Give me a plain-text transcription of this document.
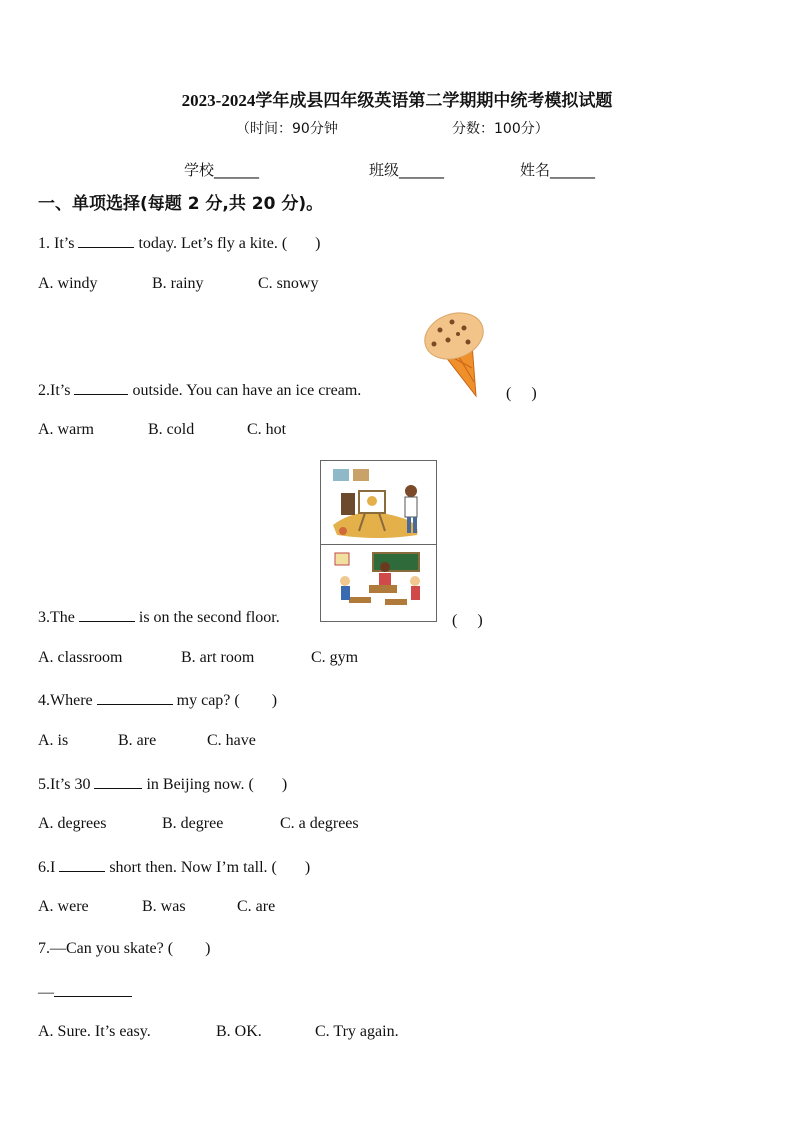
2023-2024学年成县四年级英语第二学期期中统考模拟试题
（时间：90分钟	分数：100分）
学校______	班级______	姓名______
一、单项选择(每题 2 分,共 20 分)。
1. It’s	today. Let’s fly a kite. ( )
A. windy	B. rainy	C. snowy
2.It’s	outside. You can have an ice cream.	(　 )
A. warm	B. cold	C. hot
3.The	is on the second floor.	(　 )
A. classroom	B. art room	C. gym
4.Where	my cap? ( )
A. is	B. are	C. have
5.It’s 30	in Beijing now. ( )
A. degrees	B. degree	C. a degrees
6.I	short then. Now I’m tall. ( )
A. were	B. was	C. are
7.—Can you skate? ( )
—
A. Sure. It’s easy.	B. OK.	C. Try again.
